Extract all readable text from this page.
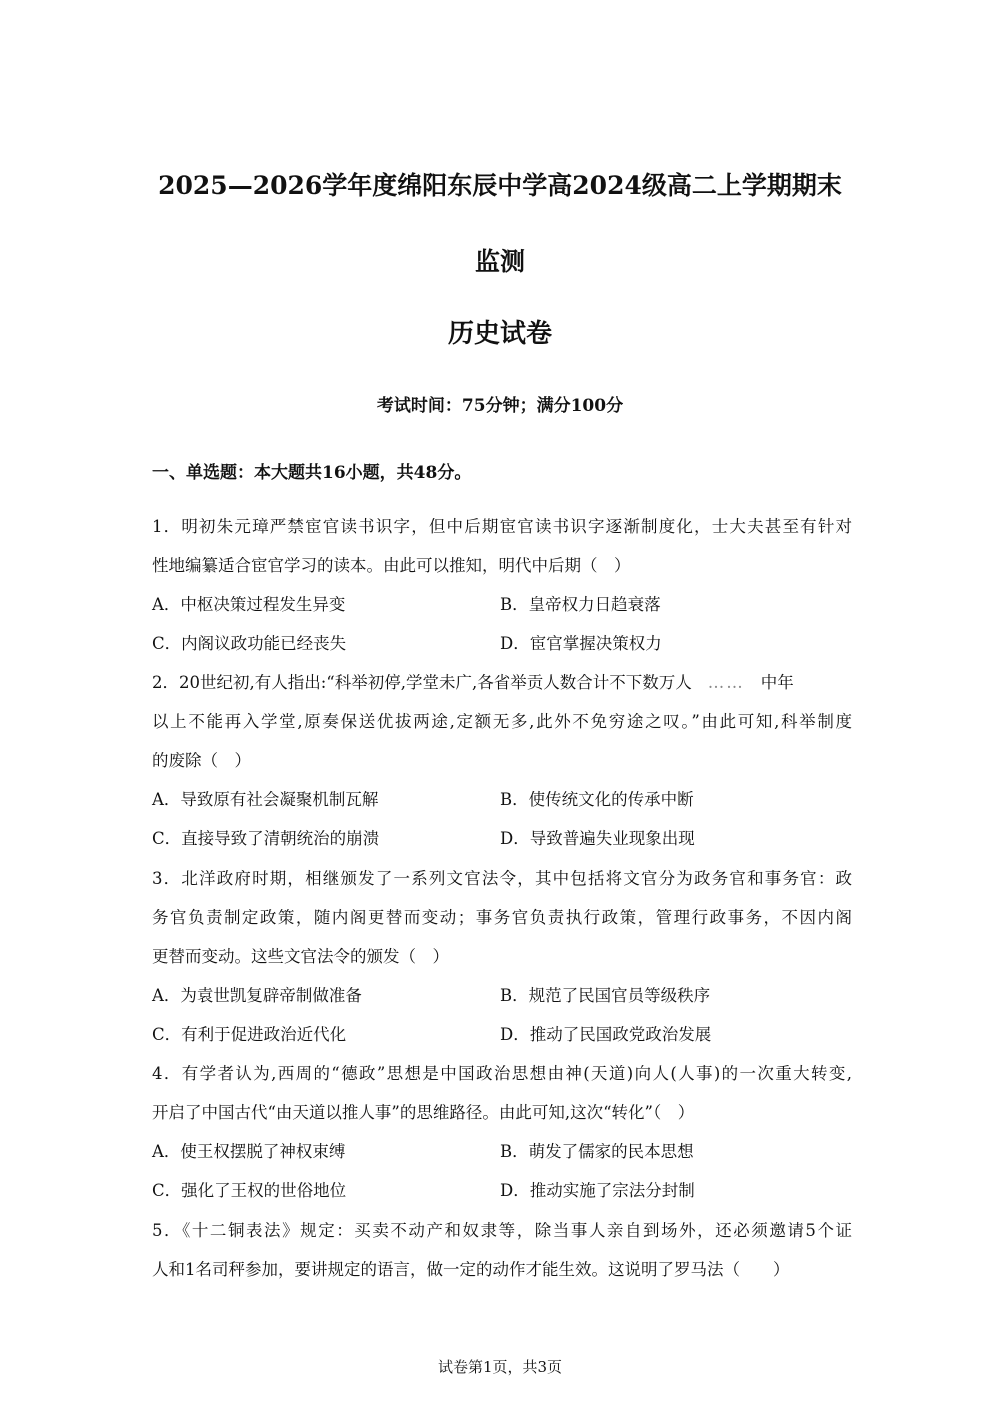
2025—2026学年度绵阳东辰中学高2024级高二上学期期末
监测
历史试卷
考试时间：75分钟；满分100分
一、单选题：本大题共16小题，共48分。
1．明初朱元璋严禁宦官读书识字，但中后期宦官读书识字逐渐制度化，士大夫甚至有针对
性地编纂适合宦官学习的读本。由此可以推知，明代中后期（　）
A．中枢决策过程发生异变	B．皇帝权力日趋衰落
C．内阁议政功能已经丧失	D．宦官掌握决策权力
2．20世纪初,有人指出:“科举初停,学堂未广,各省举贡人数合计不下数万人 …… 中年
以上不能再入学堂,原奏保送优拔两途,定额无多,此外不免穷途之叹。”由此可知,科举制度
的废除（　）
A．导致原有社会凝聚机制瓦解	B．使传统文化的传承中断
C．直接导致了清朝统治的崩溃	D．导致普遍失业现象出现
3．北洋政府时期，相继颁发了一系列文官法令，其中包括将文官分为政务官和事务官：政
务官负责制定政策，随内阁更替而变动；事务官负责执行政策，管理行政事务，不因内阁
更替而变动。这些文官法令的颁发（　）
A．为袁世凯复辟帝制做准备	B．规范了民国官员等级秩序
C．有利于促进政治近代化	D．推动了民国政党政治发展
4．有学者认为,西周的“德政”思想是中国政治思想由神(天道)向人(人事)的一次重大转变,
开启了中国古代“由天道以推人事”的思维路径。由此可知,这次“转化”（　）
A．使王权摆脱了神权束缚	B．萌发了儒家的民本思想
C．强化了王权的世俗地位	D．推动实施了宗法分封制
5．《十二铜表法》规定：买卖不动产和奴隶等，除当事人亲自到场外，还必须邀请5个证
人和1名司秤参加，要讲规定的语言，做一定的动作才能生效。这说明了罗马法（　　）
试卷第1页，共3页
